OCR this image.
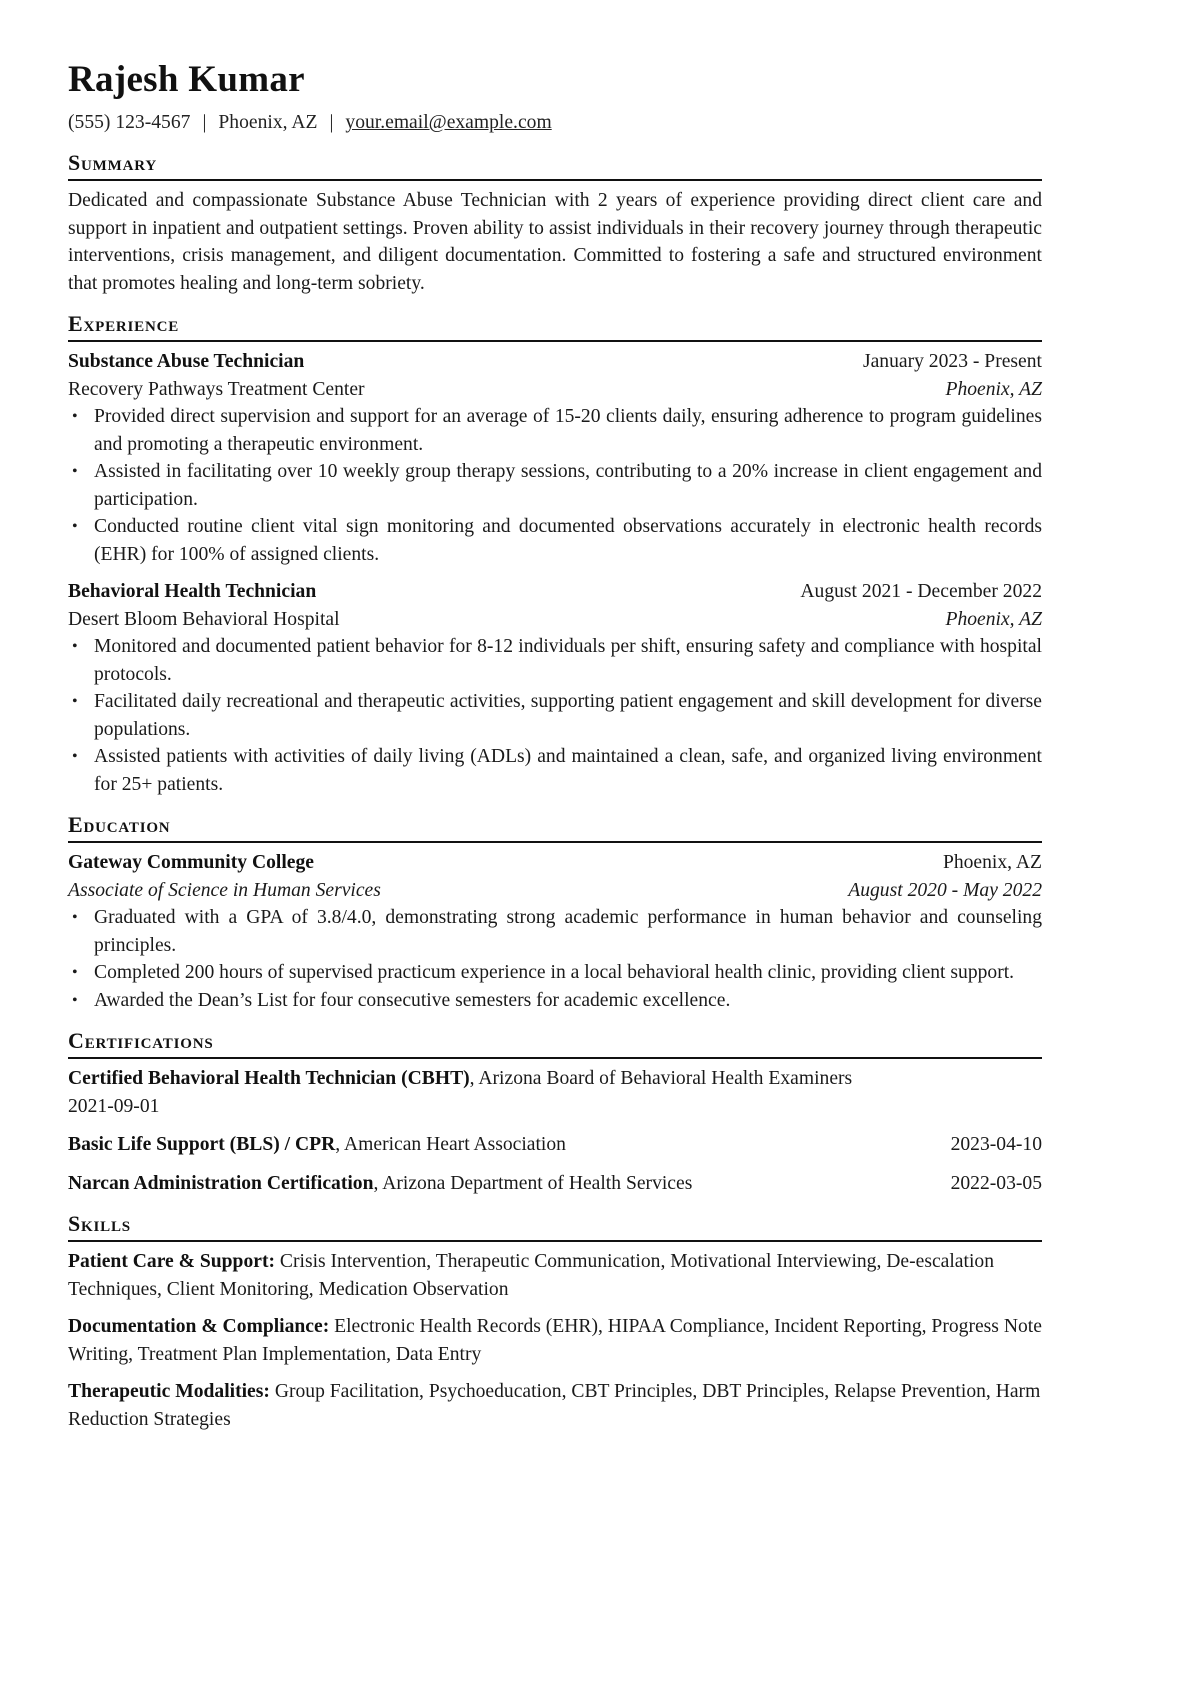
Rajesh Kumar
(555) 123-4567 | Phoenix, AZ | your.email@example.com
Summary
Dedicated and compassionate Substance Abuse Technician with 2 years of experience providing direct client care and support in inpatient and outpatient settings. Proven ability to assist individuals in their recovery journey through therapeutic interventions, crisis management, and diligent documentation. Committed to fostering a safe and structured environment that promotes healing and long-term sobriety.
Experience
Substance Abuse Technician	January 2023 - Present
Recovery Pathways Treatment Center	Phoenix, AZ
• Provided direct supervision and support for an average of 15-20 clients daily, ensuring adherence to program guidelines and promoting a therapeutic environment.
• Assisted in facilitating over 10 weekly group therapy sessions, contributing to a 20% increase in client engagement and participation.
• Conducted routine client vital sign monitoring and documented observations accurately in electronic health records (EHR) for 100% of assigned clients.
Behavioral Health Technician	August 2021 - December 2022
Desert Bloom Behavioral Hospital	Phoenix, AZ
• Monitored and documented patient behavior for 8-12 individuals per shift, ensuring safety and compliance with hospital protocols.
• Facilitated daily recreational and therapeutic activities, supporting patient engagement and skill development for diverse populations.
• Assisted patients with activities of daily living (ADLs) and maintained a clean, safe, and organized living environment for 25+ patients.
Education
Gateway Community College	Phoenix, AZ
Associate of Science in Human Services	August 2020 - May 2022
• Graduated with a GPA of 3.8/4.0, demonstrating strong academic performance in human behavior and counseling principles.
• Completed 200 hours of supervised practicum experience in a local behavioral health clinic, providing client support.
• Awarded the Dean’s List for four consecutive semesters for academic excellence.
Certifications
Certified Behavioral Health Technician (CBHT), Arizona Board of Behavioral Health Examiners
2021-09-01
Basic Life Support (BLS) / CPR, American Heart Association	2023-04-10
Narcan Administration Certification, Arizona Department of Health Services	2022-03-05
Skills
Patient Care & Support: Crisis Intervention, Therapeutic Communication, Motivational Interviewing, De-escalation Techniques, Client Monitoring, Medication Observation
Documentation & Compliance: Electronic Health Records (EHR), HIPAA Compliance, Incident Reporting, Progress Note Writing, Treatment Plan Implementation, Data Entry
Therapeutic Modalities: Group Facilitation, Psychoeducation, CBT Principles, DBT Principles, Relapse Prevention, Harm Reduction Strategies
